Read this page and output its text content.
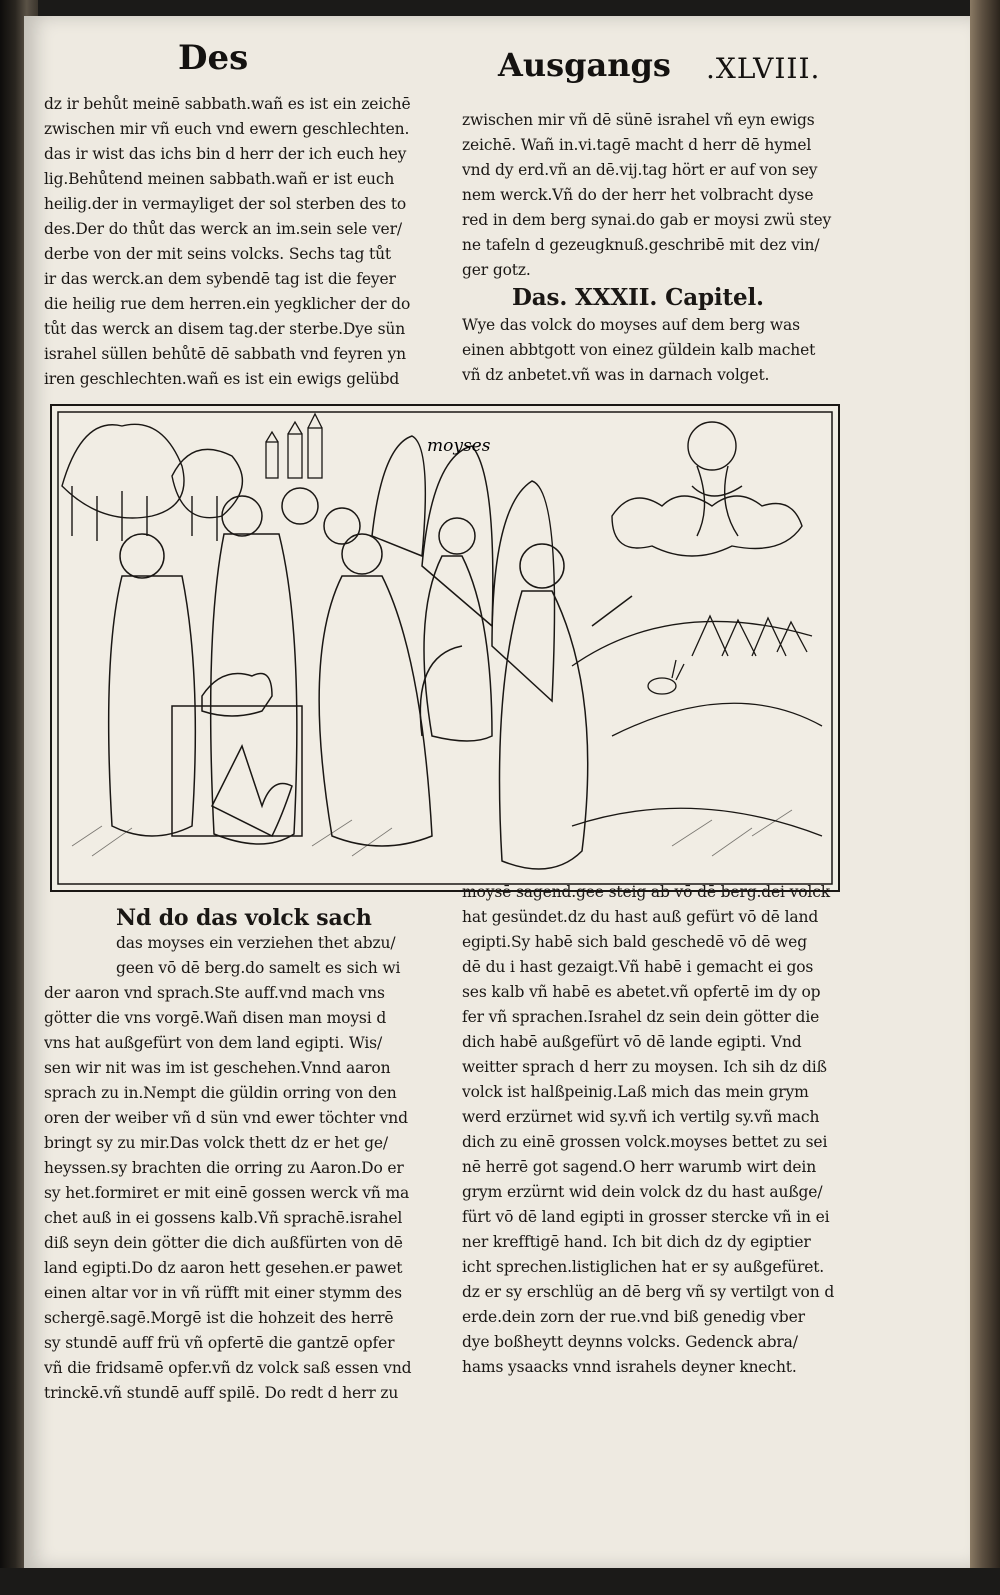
Des	Ausgangs .XLVIII.

dz ir behůt meinē sabbath.wañ es ist ein zeichē

zwischen mir vñ euch vnd ewern geschlechten.

das ir wist das ichs bin d herr der ich euch hey

lig.Behůtend meinen sabbath.wañ er ist euch

heilig.der in vermayliget der sol sterben des to

des.Der do thůt das werck an im.sein sele ver/

derbe von der mit seins volcks. Sechs tag tůt

ir das werck.an dem sybendē tag ist die feyer

die heilig rue dem herren.ein yegklicher der do

tůt das werck an disem tag.der sterbe.Dye sün

israhel süllen behůtē dē sabbath vnd feyren yn

iren geschlechten.wañ es ist ein ewigs gelübd

zwischen mir vñ dē sünē israhel vñ eyn ewigs

zeichē. Wañ in.vi.tagē macht d herr dē hymel

vnd dy erd.vñ an dē.vij.tag hört er auf von sey

nem werck.Vñ do der herr het volbracht dyse

red in dem berg synai.do gab er moysi zwü stey

ne tafeln d gezeugknuß.geschribē mit dez vin/

ger gotz.

Das. XXXII. Capitel.

Wye das volck do moyses auf dem berg was

einen abbtgott von einez güldein kalb machet

vñ dz anbetet.vñ was in darnach volget.

moyses

Nd do das volck sach

das moyses ein verziehen thet abzu/

geen vō dē berg.do samelt es sich wi

der aaron vnd sprach.Ste auff.vnd mach vns

götter die vns vorgē.Wañ disen man moysi d

vns hat außgefürt von dem land egipti. Wis/

sen wir nit was im ist geschehen.Vnnd aaron

sprach zu in.Nempt die güldin orring von den

oren der weiber vñ d sün vnd ewer töchter vnd

bringt sy zu mir.Das volck thett dz er het ge/

heyssen.sy brachten die orring zu Aaron.Do er

sy het.formiret er mit einē gossen werck vñ ma

chet auß in ei gossens kalb.Vñ sprachē.israhel

diß seyn dein götter die dich außfürten von dē

land egipti.Do dz aaron hett gesehen.er pawet

einen altar vor in vñ rüfft mit einer stymm des

schergē.sagē.Morgē ist die hohzeit des herrē

sy stundē auff frü vñ opfertē die gantzē opfer

vñ die fridsamē opfer.vñ dz volck saß essen vnd

trinckē.vñ stundē auff spilē. Do redt d herr zu

moysē sagend.gee steig ab vō dē berg.dei volck

hat gesündet.dz du hast auß gefürt vō dē land

egipti.Sy habē sich bald geschedē vō dē weg

dē du i hast gezaigt.Vñ habē i gemacht ei gos

ses kalb vñ habē es abetet.vñ opfertē im dy op

fer vñ sprachen.Israhel dz sein dein götter die

dich habē außgefürt vō dē lande egipti. Vnd

weitter sprach d herr zu moysen. Ich sih dz diß

volck ist halßpeinig.Laß mich das mein grym

werd erzürnet wid sy.vñ ich vertilg sy.vñ mach

dich zu einē grossen volck.moyses bettet zu sei

nē herrē got sagend.O herr warumb wirt dein

grym erzürnt wid dein volck dz du hast außge/

fürt vō dē land egipti in grosser stercke vñ in ei

ner krefftigē hand. Ich bit dich dz dy egiptier

icht sprechen.listiglichen hat er sy außgefüret.

dz er sy erschlüg an dē berg vñ sy vertilgt von d

erde.dein zorn der rue.vnd biß genedig vber

dye boßheytt deynns volcks. Gedenck abra/

hams ysaacks vnnd israhels deyner knecht.
